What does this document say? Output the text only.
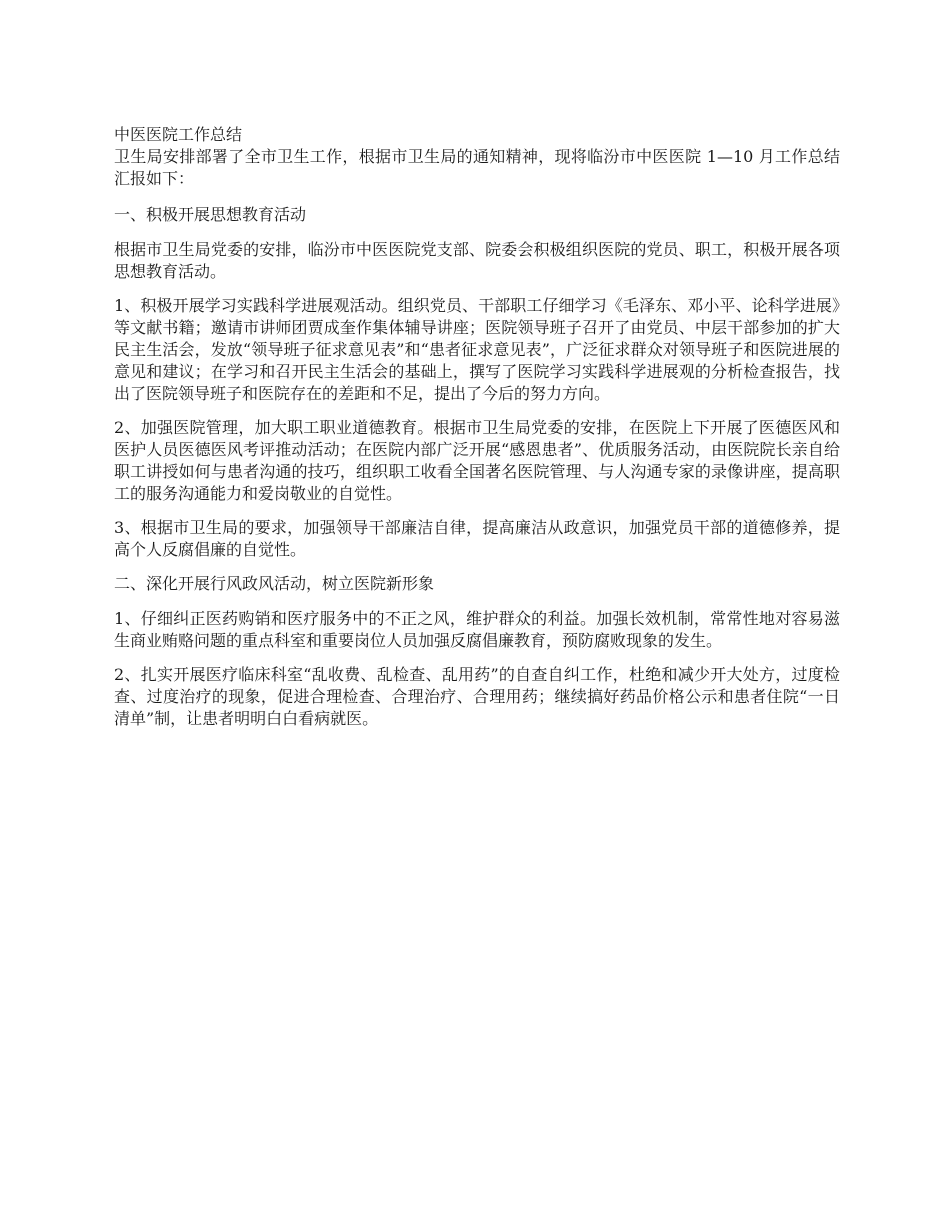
中医医院工作总结

卫生局安排部署了全市卫生工作，根据市卫生局的通知精神，现将临汾市中医医院 1—10 月工作总结汇报如下：

一、积极开展思想教育活动

根据市卫生局党委的安排，临汾市中医医院党支部、院委会积极组织医院的党员、职工，积极开展各项思想教育活动。

1、积极开展学习实践科学进展观活动。组织党员、干部职工仔细学习《毛泽东、邓小平、论科学进展》等文献书籍；邀请市讲师团贾成奎作集体辅导讲座；医院领导班子召开了由党员、中层干部参加的扩大民主生活会，发放“领导班子征求意见表”和“患者征求意见表”，广泛征求群众对领导班子和医院进展的意见和建议；在学习和召开民主生活会的基础上，撰写了医院学习实践科学进展观的分析检查报告，找出了医院领导班子和医院存在的差距和不足，提出了今后的努力方向。

2、加强医院管理，加大职工职业道德教育。根据市卫生局党委的安排，在医院上下开展了医德医风和医护人员医德医风考评推动活动；在医院内部广泛开展“感恩患者”、优质服务活动，由医院院长亲自给职工讲授如何与患者沟通的技巧，组织职工收看全国著名医院管理、与人沟通专家的录像讲座，提高职工的服务沟通能力和爱岗敬业的自觉性。

3、根据市卫生局的要求，加强领导干部廉洁自律，提高廉洁从政意识，加强党员干部的道德修养，提高个人反腐倡廉的自觉性。

二、深化开展行风政风活动，树立医院新形象

1、仔细纠正医药购销和医疗服务中的不正之风，维护群众的利益。加强长效机制，常常性地对容易滋生商业贿赂问题的重点科室和重要岗位人员加强反腐倡廉教育，预防腐败现象的发生。

2、扎实开展医疗临床科室“乱收费、乱检查、乱用药”的自查自纠工作，杜绝和减少开大处方，过度检查、过度治疗的现象，促进合理检查、合理治疗、合理用药；继续搞好药品价格公示和患者住院“一日清单”制，让患者明明白白看病就医。
